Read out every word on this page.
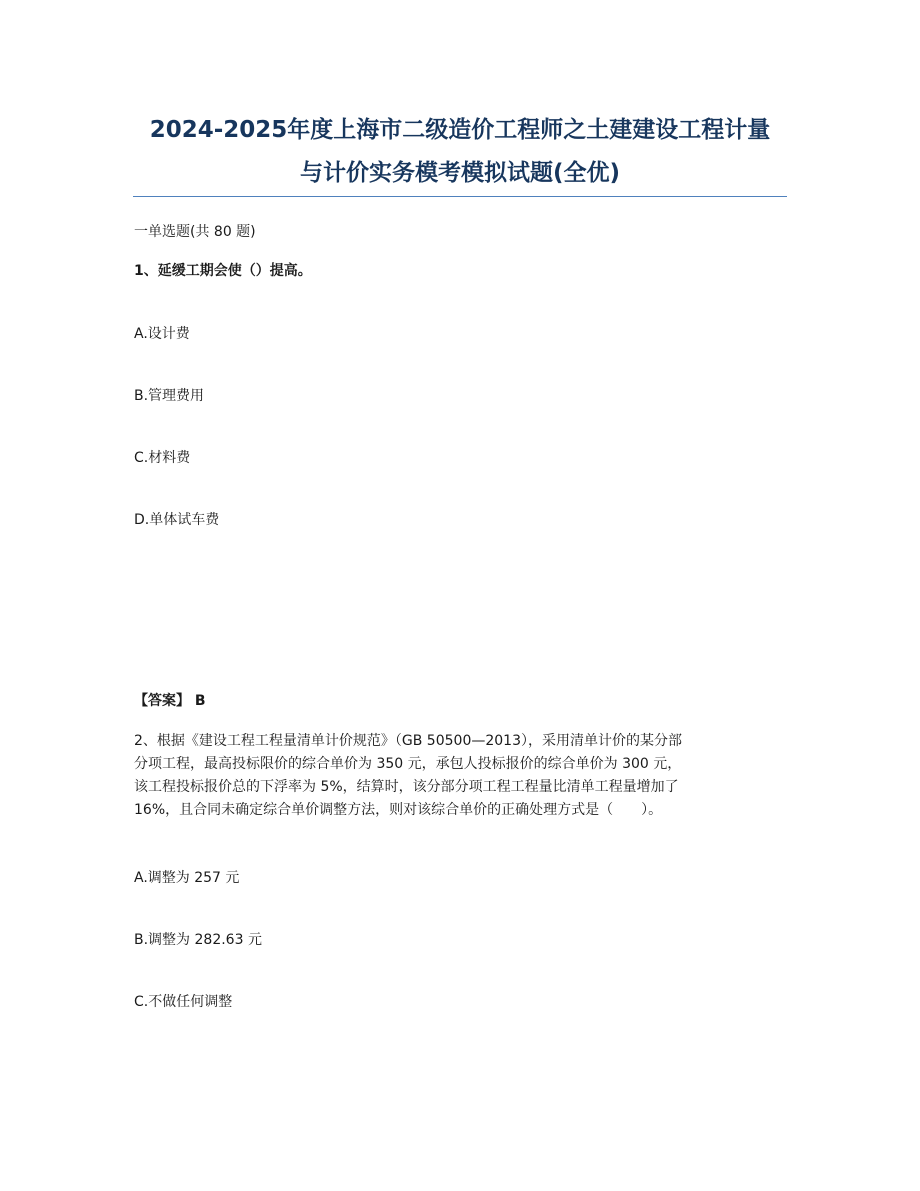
2024-2025年度上海市二级造价工程师之土建建设工程计量
与计价实务模考模拟试题(全优)

一单选题(共 80 题)

1、延缓工期会使（）提高。

A.设计费

B.管理费用

C.材料费

D.单体试车费

【答案】 B

2、根据《建设工程工程量清单计价规范》（GB 50500—2013），采用清单计价的某分部
分项工程，最高投标限价的综合单价为 350 元，承包人投标报价的综合单价为 300 元，
该工程投标报价总的下浮率为 5%，结算时，该分部分项工程工程量比清单工程量增加了
16%，且合同未确定综合单价调整方法，则对该综合单价的正确处理方式是（　　）。

A.调整为 257 元

B.调整为 282.63 元

C.不做任何调整
